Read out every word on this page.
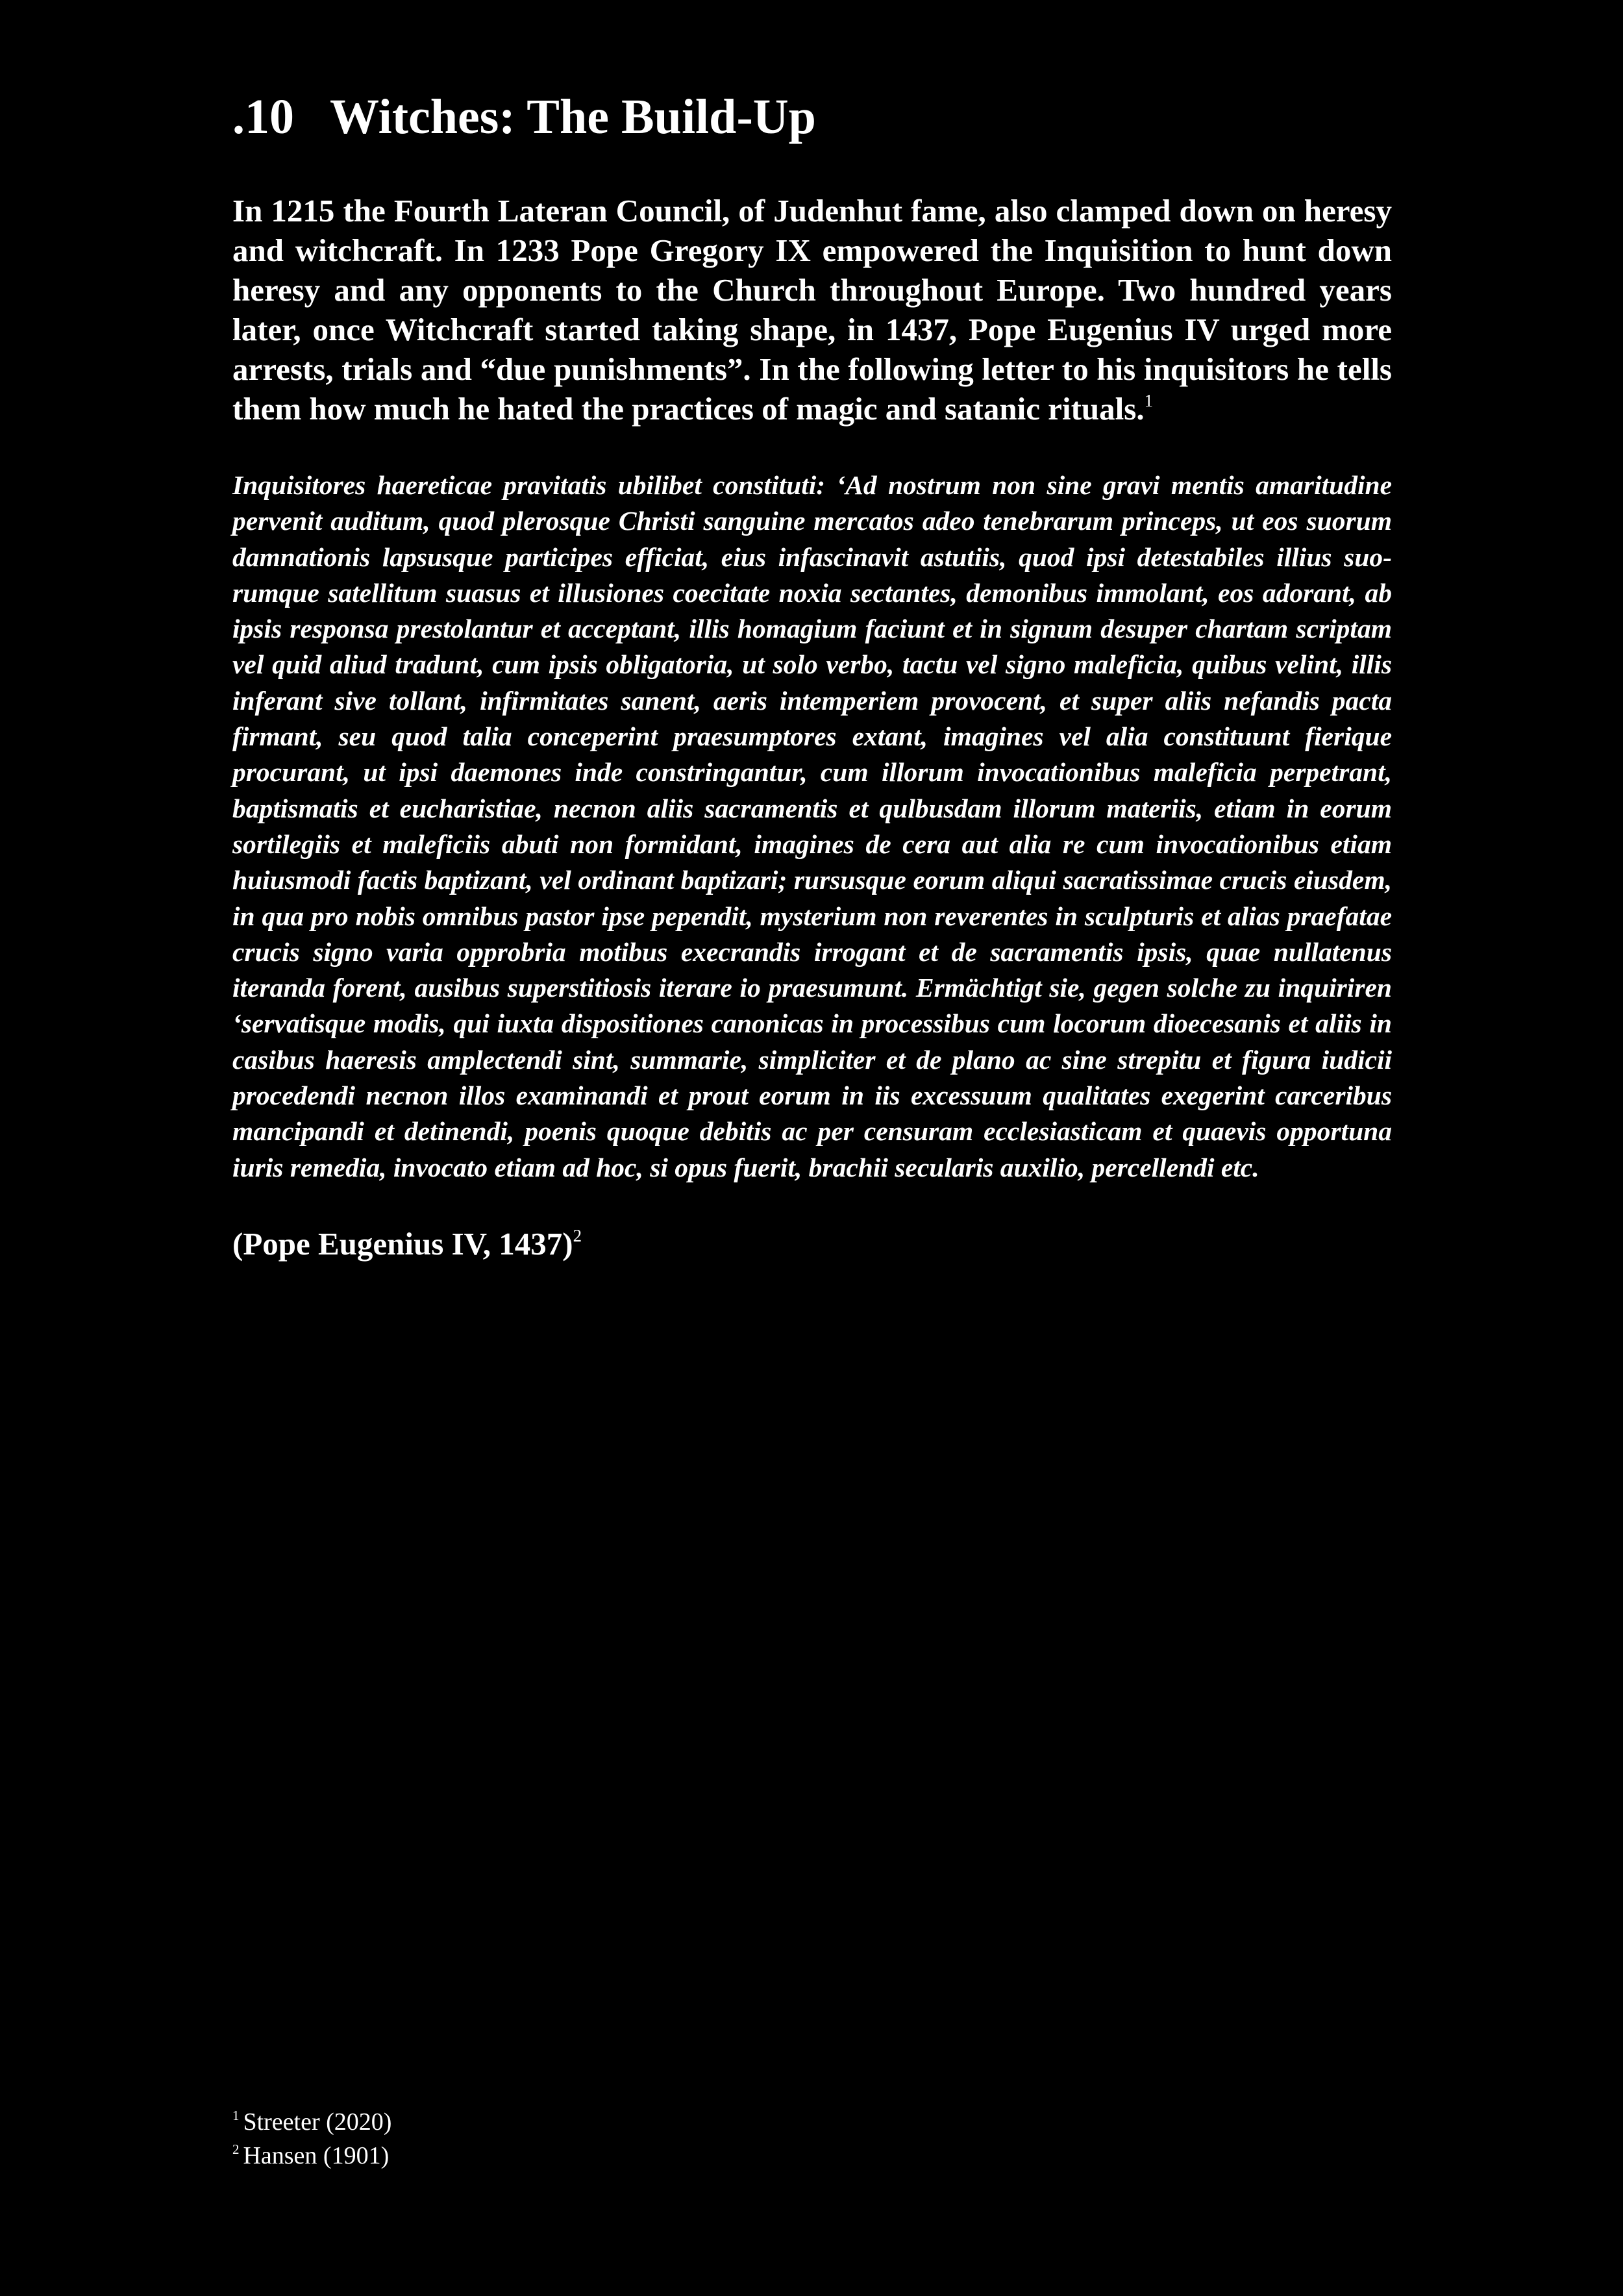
.10 Witches: The Build-Up

In 1215 the Fourth Lateran Council, of Judenhut fame, also clamped down on heresy and witchcraft. In 1233 Pope Gregory IX empowered the Inquisition to hunt down heresy and any opponents to the Church throughout Europe. Two hundred years later, once Witchcraft started taking shape, in 1437, Pope Eugenius IV urged more arrests, trials and “due punishments”. In the following letter to his inquisitors he tells them how much he hated the practices of magic and satanic rituals.$^1$

Inquisitores haereticae pravitatis ubilibet constituti: ‘Ad nostrum non sine gravi mentis amaritudine pervenit auditum, quod plerosque Christi sanguine mercatos adeo tenebrarum princeps, ut eos suorum damnationis lapsusque participes efficiat, eius infascinavit astutiis, quod ipsi detestabiles illius suorumque satellitum suasus et illusiones coecitate noxia sectantes, demonibus immolant, eos adorant, ab ipsis responsa prestolantur et acceptant, illis homagium faciunt et in signum desuper chartam scriptam vel quid aliud tradunt, cum ipsis obligatoria, ut solo verbo, tactu vel signo maleficia, quibus velint, illis inferant sive tollant, infirmitates sanent, aeris intemperiem provocent, et super aliis nefandis pacta firmant, seu quod talia conceperint praesumptores extant, imagines vel alia constituunt fierique procurant, ut ipsi daemones inde constringantur, cum illorum invocationibus maleficia perpetrant, baptismatis et eucharistiae, necnon aliis sacramentis et qulbusdam illorum materiis, etiam in eorum sortilegiis et maleficiis abuti non formidant, imagines de cera aut alia re cum invocationibus etiam huiusmodi factis baptizant, vel ordinant baptizari; rursusque eorum aliqui sacratissimae crucis eiusdem, in qua pro nobis omnibus pastor ipse pependit, mysterium non reverentes in sculpturis et alias praefatae crucis signo varia opprobria motibus execrandis irrogant et de sacramentis ipsis, quae nullatenus iteranda forent, ausibus superstitiosis iterare io praesumunt. Ermächtigt sie, gegen solche zu inquiriren ‘servatisque modis, qui iuxta dispositiones canonicas in processibus cum locorum dioecesanis et aliis in casibus haeresis amplectendi sint, summarie, simpliciter et de plano ac sine strepitu et figura iudicii procedendi necnon illos examinandi et prout eorum in iis excessuum qualitates exegerint carceribus mancipandi et detinendi, poenis quoque debitis ac per censuram ecclesiasticam et quaevis opportuna iuris remedia, invocato etiam ad hoc, si opus fuerit, brachii secularis auxilio, percellendi etc.

(Pope Eugenius IV, 1437)$^2$

$^1$ Streeter (2020)
$^2$ Hansen (1901)
